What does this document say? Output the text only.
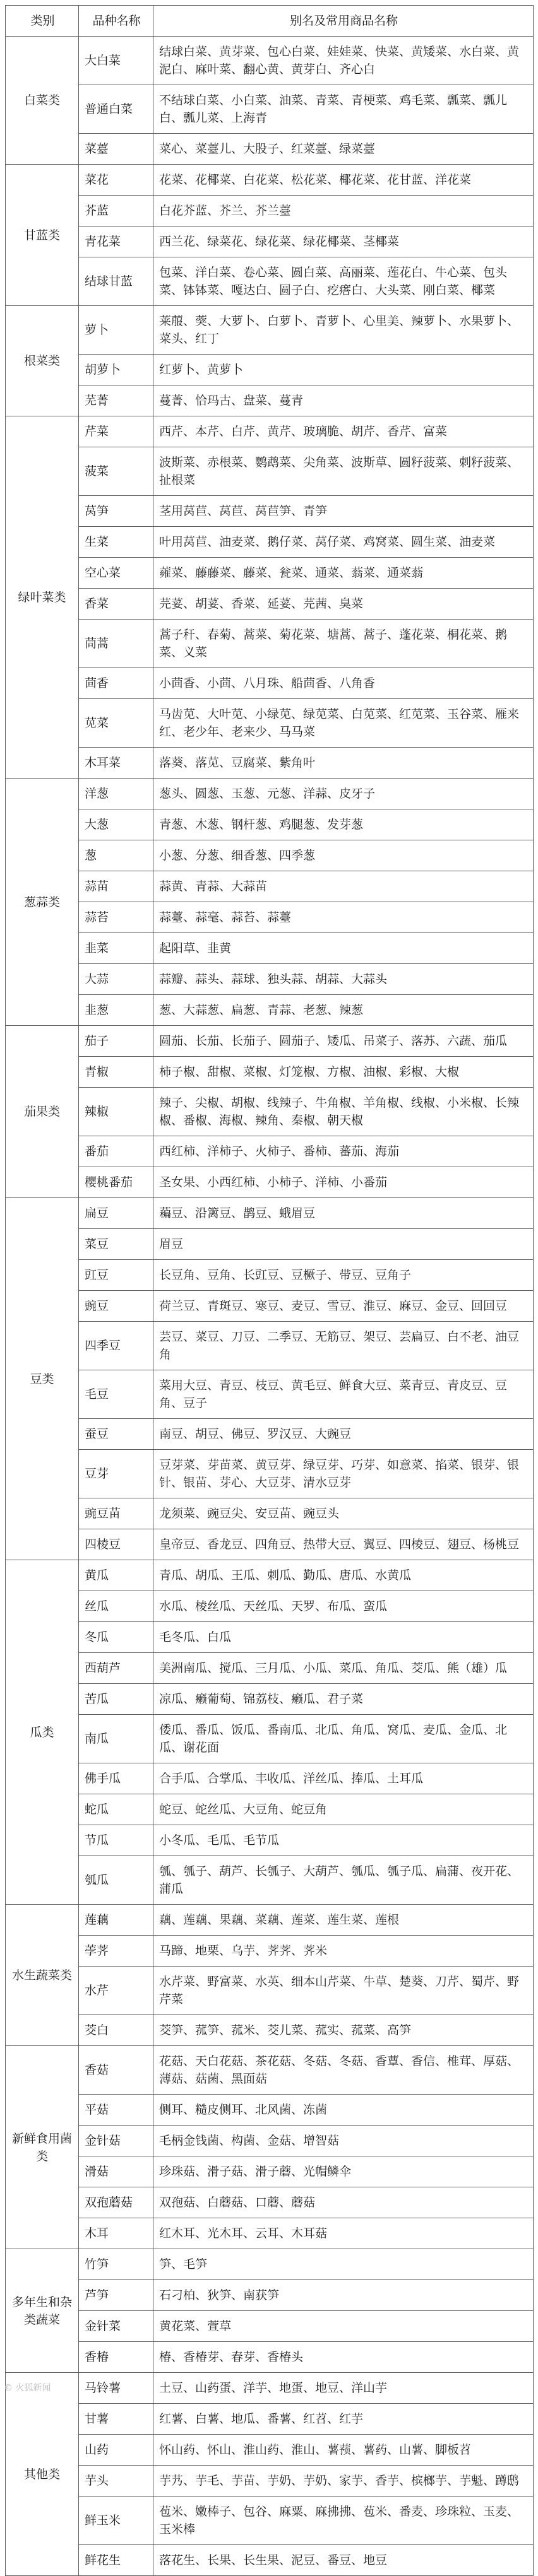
类别	品种名称	别名及常用商品名称
白菜类	大白菜	结球白菜、黄芽菜、包心白菜、娃娃菜、快菜、黄矮菜、水白菜、黄泥白、麻叶菜、翻心黄、黄芽白、齐心白
	普通白菜	不结球白菜、小白菜、油菜、青菜、青梗菜、鸡毛菜、瓢菜、瓢儿白、瓢儿菜、上海青
	菜薹	菜心、菜薹儿、大股子、红菜薹、绿菜薹
甘蓝类	菜花	花菜、花椰菜、白花菜、松花菜、椰花菜、花甘蓝、洋花菜
	芥蓝	白花芥蓝、芥兰、芥兰薹
	青花菜	西兰花、绿菜花、绿花菜、绿花椰菜、茎椰菜
	结球甘蓝	包菜、洋白菜、卷心菜、圆白菜、高丽菜、莲花白、牛心菜、包头菜、钵钵菜、嘎达白、圆子白、疙瘩白、大头菜、刚白菜、椰菜
根菜类	萝卜	莱菔、葖、大萝卜、白萝卜、青萝卜、心里美、辣萝卜、水果萝卜、菜头、红丁
	胡萝卜	红萝卜、黄萝卜
	芜菁	蔓菁、恰玛古、盘菜、蔓青
绿叶菜类	芹菜	西芹、本芹、白芹、黄芹、玻璃脆、胡芹、香芹、富菜
	菠菜	波斯菜、赤根菜、鹦鹉菜、尖角菜、波斯草、圆籽菠菜、刺籽菠菜、扯根菜
	莴笋	茎用莴苣、莴苣、莴苣笋、青笋
	生菜	叶用莴苣、油麦菜、鹅仔菜、莴仔菜、鸡窝菜、圆生菜、油麦菜
	空心菜	蕹菜、藤藤菜、藤菜、瓮菜、通菜、蓊菜、通菜蓊
	香菜	芫荽、胡荽、香菜、延荽、芫茜、臭菜
	茼蒿	蒿子秆、春菊、蒿菜、菊花菜、塘蒿、蒿子、蓬花菜、桐花菜、鹅菜、义菜
	茴香	小茴香、小茴、八月珠、船茴香、八角香
	苋菜	马齿苋、大叶苋、小绿苋、绿苋菜、白苋菜、红苋菜、玉谷菜、雁来红、老少年、老来少、马马菜
	木耳菜	落葵、落苋、豆腐菜、紫角叶
葱蒜类	洋葱	葱头、圆葱、玉葱、元葱、洋蒜、皮牙子
	大葱	青葱、木葱、钢杆葱、鸡腿葱、发芽葱
	葱	小葱、分葱、细香葱、四季葱
	蒜苗	蒜黄、青蒜、大蒜苗
	蒜苔	蒜薹、蒜毫、蒜苔、蒜薹
	韭菜	起阳草、韭黄
	大蒜	蒜瓣、蒜头、蒜球、独头蒜、胡蒜、大蒜头
	韭葱	葱、大蒜葱、扁葱、青蒜、老葱、辣葱
茄果类	茄子	圆茄、长茄、长茄子、圆茄子、矮瓜、吊菜子、落苏、六蔬、茄瓜
	青椒	柿子椒、甜椒、菜椒、灯笼椒、方椒、油椒、彩椒、大椒
	辣椒	辣子、尖椒、胡椒、线辣子、牛角椒、羊角椒、线椒、小米椒、长辣椒、番椒、海椒、辣角、秦椒、朝天椒
	番茄	西红柿、洋柿子、火柿子、番柿、蕃茄、海茄
	樱桃番茄	圣女果、小西红柿、小柿子、洋柿、小番茄
豆类	扁豆	藊豆、沿篱豆、鹊豆、蛾眉豆
	菜豆	眉豆
	豇豆	长豆角、豆角、长豇豆、豆橛子、带豆、豆角子
	豌豆	荷兰豆、青斑豆、寒豆、麦豆、雪豆、淮豆、麻豆、金豆、回回豆
	四季豆	芸豆、菜豆、刀豆、二季豆、无筋豆、架豆、芸扁豆、白不老、油豆角
	毛豆	菜用大豆、青豆、枝豆、黄毛豆、鲜食大豆、菜青豆、青皮豆、豆角、豆子
	蚕豆	南豆、胡豆、佛豆、罗汉豆、大豌豆
	豆芽	豆芽菜、芽苗菜、黄豆芽、绿豆芽、巧芽、如意菜、掐菜、银芽、银针、银苗、芽心、大豆芽、清水豆芽
	豌豆苗	龙须菜、豌豆尖、安豆苗、豌豆头
	四棱豆	皇帝豆、香龙豆、四角豆、热带大豆、翼豆、四棱豆、翅豆、杨桃豆
瓜类	黄瓜	青瓜、胡瓜、王瓜、刺瓜、勤瓜、唐瓜、水黄瓜
	丝瓜	水瓜、棱丝瓜、天丝瓜、天罗、布瓜、蛮瓜
	冬瓜	毛冬瓜、白瓜
	西葫芦	美洲南瓜、搅瓜、三月瓜、小瓜、菜瓜、角瓜、茭瓜、熊（雄）瓜
	苦瓜	凉瓜、癞葡萄、锦荔枝、癞瓜、君子菜
	南瓜	倭瓜、番瓜、饭瓜、番南瓜、北瓜、角瓜、窝瓜、麦瓜、金瓜、北瓜、谢花面
	佛手瓜	合手瓜、合掌瓜、丰收瓜、洋丝瓜、捧瓜、土耳瓜
	蛇瓜	蛇豆、蛇丝瓜、大豆角、蛇豆角
	节瓜	小冬瓜、毛瓜、毛节瓜
	瓠瓜	瓠、瓠子、葫芦、长瓠子、大葫芦、瓠瓜、瓠子瓜、扁蒲、夜开花、蒲瓜
水生蔬菜类	莲藕	藕、莲藕、果藕、菜藕、莲菜、莲生菜、莲根
	荸荠	马蹄、地栗、乌芋、荠荠、荠米
	水芹	水芹菜、野富菜、水英、细本山芹菜、牛草、楚葵、刀芹、蜀芹、野芹菜
	茭白	茭笋、菰笋、菰米、茭儿菜、菰实、菰菜、高笋
新鲜食用菌类	香菇	花菇、天白花菇、茶花菇、冬菇、冬菇、香蕈、香信、椎茸、厚菇、薄菇、菇菌、黑面菇
	平菇	侧耳、糙皮侧耳、北风菌、冻菌
	金针菇	毛柄金钱菌、构菌、金菇、增智菇
	滑菇	珍珠菇、滑子菇、滑子蘑、光帽鳞伞
	双孢蘑菇	双孢菇、白蘑菇、口蘑、蘑菇
	木耳	红木耳、光木耳、云耳、木耳菇
多年生和杂类蔬菜	竹笋	笋、毛笋
	芦笋	石刁柏、狄笋、南获笋
	金针菜	黄花菜、萱草
	香椿	椿、香椿芽、春芽、香椿头
其他类	马铃薯	土豆、山药蛋、洋芋、地蛋、地豆、洋山芋
	甘薯	红薯、白薯、地瓜、番薯、红苕、红芋
	山药	怀山药、怀山、淮山药、淮山、薯蓣、薯药、山薯、脚板苕
	芋头	芋艿、芋毛、芋苗、芋奶、芋奶、家芋、香芋、槟榔芋、芋魁、蹲鸱
	鲜玉米	苞米、嫩棒子、包谷、麻粟、麻拂拂、苞米、番麦、珍珠粒、玉麦、玉米棒
	鲜花生	落花生、长果、长生果、泥豆、番豆、地豆
© 火狐新闻
